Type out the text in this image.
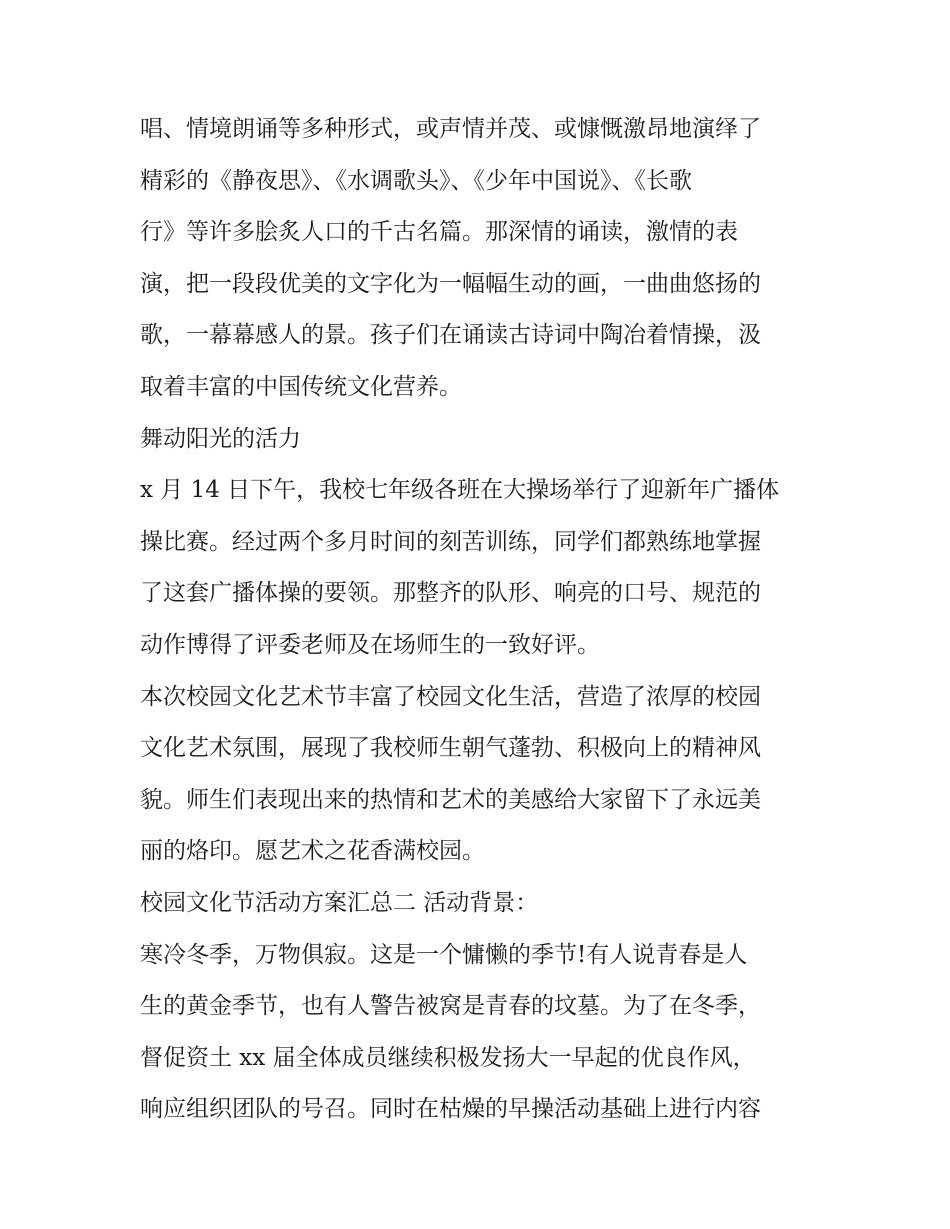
唱、情境朗诵等多种形式，或声情并茂、或慷慨激昂地演绎了
精彩的《静夜思》、《水调歌头》、《少年中国说》、《长歌
行》等许多脍炙人口的千古名篇。那深情的诵读，激情的表
演，把一段段优美的文字化为一幅幅生动的画，一曲曲悠扬的
歌，一幕幕感人的景。孩子们在诵读古诗词中陶冶着情操，汲
取着丰富的中国传统文化营养。
舞动阳光的活力
x 月 14 日下午，我校七年级各班在大操场举行了迎新年广播体
操比赛。经过两个多月时间的刻苦训练，同学们都熟练地掌握
了这套广播体操的要领。那整齐的队形、响亮的口号、规范的
动作博得了评委老师及在场师生的一致好评。
本次校园文化艺术节丰富了校园文化生活，营造了浓厚的校园
文化艺术氛围，展现了我校师生朝气蓬勃、积极向上的精神风
貌。师生们表现出来的热情和艺术的美感给大家留下了永远美
丽的烙印。愿艺术之花香满校园。
校园文化节活动方案汇总二 活动背景：
寒冷冬季，万物俱寂。这是一个慵懒的季节!有人说青春是人
生的黄金季节，也有人警告被窝是青春的坟墓。为了在冬季，
督促资土 xx 届全体成员继续积极发扬大一早起的优良作风，
响应组织团队的号召。同时在枯燥的早操活动基础上进行内容
